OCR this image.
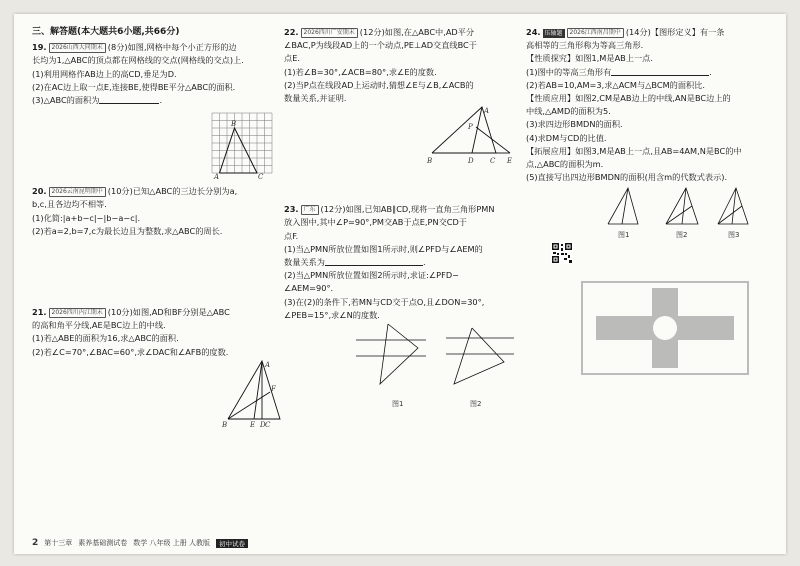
三、解答题(本大题共6小题,共66分)
19. 2026山西大同期末 (8分)如图,网格中每个小正方形的边
长均为1,△ABC的顶点都在网格线的交点(网格线的交点)上.
(1)利用网格作AB边上的高CD,垂足为D.
(2)在AC边上取一点E,连接BE,使得BE平分△ABC的面积.
(3)△ABC的面积为	.
A
B
C
20. 2026云南昆明期中 (10分)已知△ABC的三边长分别为a,
b,c,且各边均不相等.
(1)化简:|a+b−c|−|b−a−c|.
(2)若a=2,b=7,c为最长边且为整数,求△ABC的周长.
21. 2026四川内江期末 (10分)如图,AD和BF分别是△ABC
的高和角平分线,AE是BC边上的中线.
(1)若△ABE的面积为16,求△ABC的面积.
(2)若∠C=70°,∠BAC=60°,求∠DAC和∠AFB的度数.
B	E D C
A
F
22. 2026四川广安期末 (12分)如图,在△ABC中,AD平分
∠BAC,P为线段AD上的一个动点,PE⊥AD交直线BC于
点E.
(1)若∠B=30°,∠ACB=80°,求∠E的度数.
(2)当P点在线段AD上运动时,猜想∠E与∠B,∠ACB的
数量关系,并证明.
B	D C E
A
P
23. 广东 (12分)如图,已知AB∥CD,现将一直角三角形PMN
放入图中,其中∠P=90°,PM交AB于点E,PN交CD于
点F.
(1)当△PMN所放位置如图1所示时,则∠PFD与∠AEM的
数量关系为	.
(2)当△PMN所放位置如图2所示时,求证:∠PFD−
∠AEM=90°.
(3)在(2)的条件下,若MN与CD交于点O,且∠DON=30°,
∠PEB=15°,求∠N的度数.
图1	图2
24. 压轴题 2026江西南昌期中 (14分)【图形定义】有一条
高相等的三角形称为等高三角形.
【性质探究】如图1,M是AB上一点.
(1)图中的等高三角形有	.
(2)若AB=10,AM=3,求△ACM与△BCM的面积比.
【性质应用】如图2,CM是AB边上的中线,AN是BC边上的
中线,△AMD的面积为5.
(3)求四边形BMDN的面积.
(4)求DM与CD的比值.
【拓展应用】如图3,M是AB上一点,且AB=4AM,N是BC的中
点,△ABC的面积为m.
(5)直接写出四边形BMDN的面积(用含m的代数式表示).
图1	图2	图3
2 第十三章 素养基础测试卷 数学 八年级 上册 人教版	初中试卷
